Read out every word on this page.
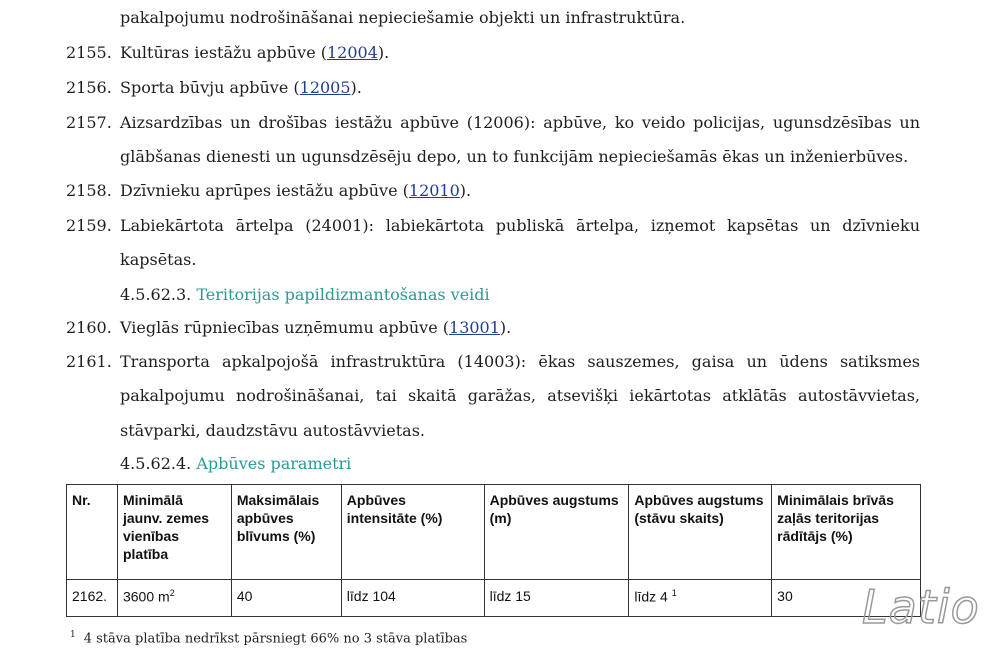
pakalpojumu nodrošināšanai nepieciešamie objekti un infrastruktūra.
2155. Kultūras iestāžu apbūve (12004).
2156. Sporta būvju apbūve (12005).
2157. Aizsardzības un drošības iestāžu apbūve (12006): apbūve, ko veido policijas, ugunsdzēsības un
glābšanas dienesti un ugunsdzēsēju depo, un to funkcijām nepieciešamās ēkas un inženierbūves.
2158. Dzīvnieku aprūpes iestāžu apbūve (12010).
2159. Labiekārtota ārtelpa (24001): labiekārtota publiskā ārtelpa, izņemot kapsētas un dzīvnieku
kapsētas.
4.5.62.3. Teritorijas papildizmantošanas veidi
2160. Vieglās rūpniecības uzņēmumu apbūve (13001).
2161. Transporta apkalpojošā infrastruktūra (14003): ēkas sauszemes, gaisa un ūdens satiksmes
pakalpojumu nodrošināšanai, tai skaitā garāžas, atsevišķi iekārtotas atklātās autostāvvietas,
stāvparki, daudzstāvu autostāvvietas.
4.5.62.4. Apbūves parametri
Nr.	Minimālā jaunv. zemes vienības platība	Maksimālais apbūves blīvums (%)	Apbūves intensitāte (%)	Apbūves augstums (m)	Apbūves augstums (stāvu skaits)	Minimālais brīvās zaļās teritorijas rādītājs (%)
2162.	3600 $m^2$	40	līdz 104	līdz 15	līdz 4 $^1$	30
$^1$ 4 stāva platība nedrīkst pārsniegt 66% no 3 stāva platības
Latio
